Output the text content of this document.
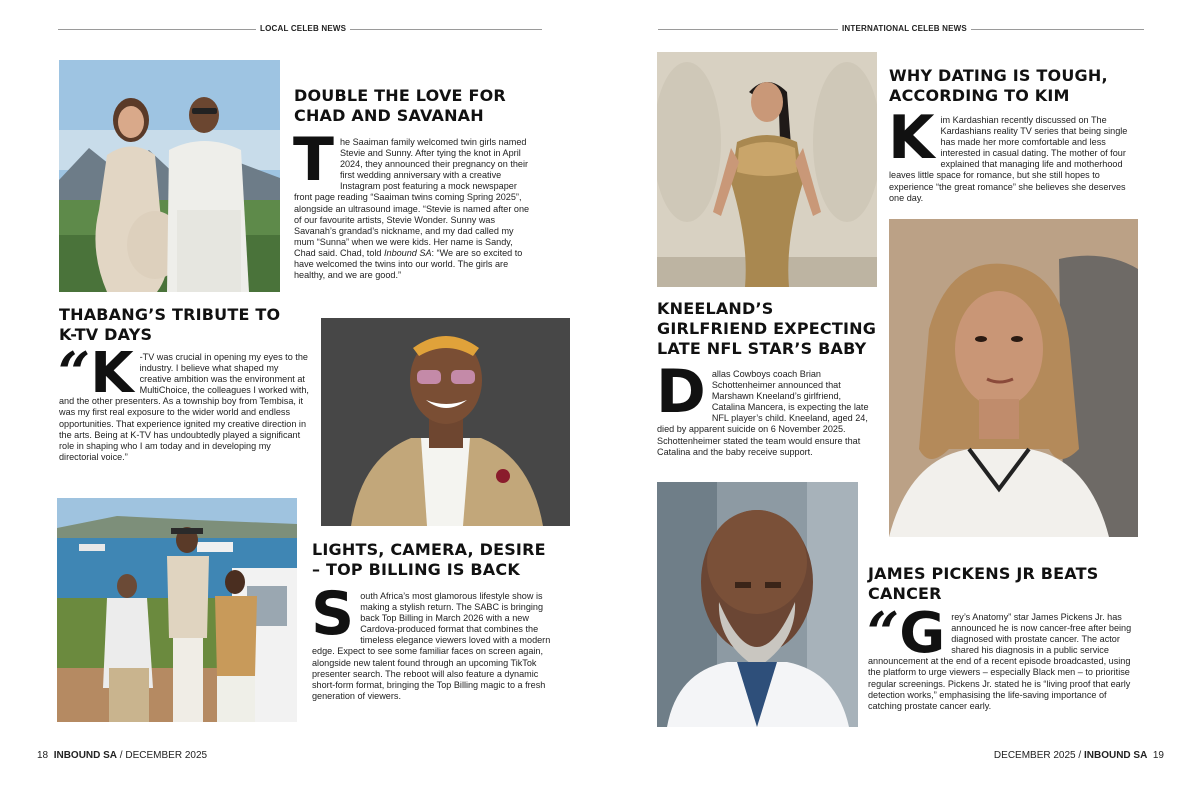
LOCAL CELEB NEWS	INTERNATIONAL CELEB NEWS
DOUBLE THE LOVE FOR CHAD AND SAVANAH
T he Saaiman family welcomed twin girls named Stevie and Sunny. After tying the knot in April 2024, they announced their pregnancy on their first wedding anniversary with a creative Instagram post featuring a mock newspaper front page reading “Saaiman twins coming Spring 2025”, alongside an ultrasound image. “Stevie is named after one of our favourite artists, Stevie Wonder. Sunny was Savanah’s grandad’s nickname, and my dad called my mum “Sunna” when we were kids. Her name is Sandy, Chad said. Chad, told Inbound SA: “We are so excited to have welcomed the twins into our world. The girls are healthy, and we are good.”
THABANG’S TRIBUTE TO K-TV DAYS
“K -TV was crucial in opening my eyes to the industry. I believe what shaped my creative ambition was the environment at MultiChoice, the colleagues I worked with, and the other presenters. As a township boy from Tembisa, it was my first real exposure to the wider world and endless opportunities. That experience ignited my creative direction in the arts. Being at K-TV has undoubtedly played a significant role in shaping who I am today and in developing my directorial voice.”
LIGHTS, CAMERA, DESIRE – TOP BILLING IS BACK
S outh Africa’s most glamorous lifestyle show is making a stylish return. The SABC is bringing back Top Billing in March 2026 with a new Cardova-produced format that combines the timeless elegance viewers loved with a modern edge. Expect to see some familiar faces on screen again, alongside new talent found through an upcoming TikTok presenter search. The reboot will also feature a dynamic short-form format, bringing the Top Billing magic to a fresh generation of viewers.
WHY DATING IS TOUGH, ACCORDING TO KIM
K im Kardashian recently discussed on The Kardashians reality TV series that being single has made her more comfortable and less interested in casual dating. The mother of four explained that managing life and motherhood leaves little space for romance, but she still hopes to experience “the great romance” she believes she deserves one day.
KNEELAND’S GIRLFRIEND EXPECTING LATE NFL STAR’S BABY
D allas Cowboys coach Brian Schottenheimer announced that Marshawn Kneeland’s girlfriend, Catalina Mancera, is expecting the late NFL player’s child. Kneeland, aged 24, died by apparent suicide on 6 November 2025. Schottenheimer stated the team would ensure that Catalina and the baby receive support.
JAMES PICKENS JR BEATS CANCER
“G rey’s Anatomy” star James Pickens Jr. has announced he is now cancer-free after being diagnosed with prostate cancer. The actor shared his diagnosis in a public service announcement at the end of a recent episode broadcasted, using the platform to urge viewers – especially Black men – to prioritise regular screenings. Pickens Jr. stated he is “living proof that early detection works,” emphasising the life-saving importance of catching prostate cancer early.
18 INBOUND SA / DECEMBER 2025	DECEMBER 2025 / INBOUND SA 19
